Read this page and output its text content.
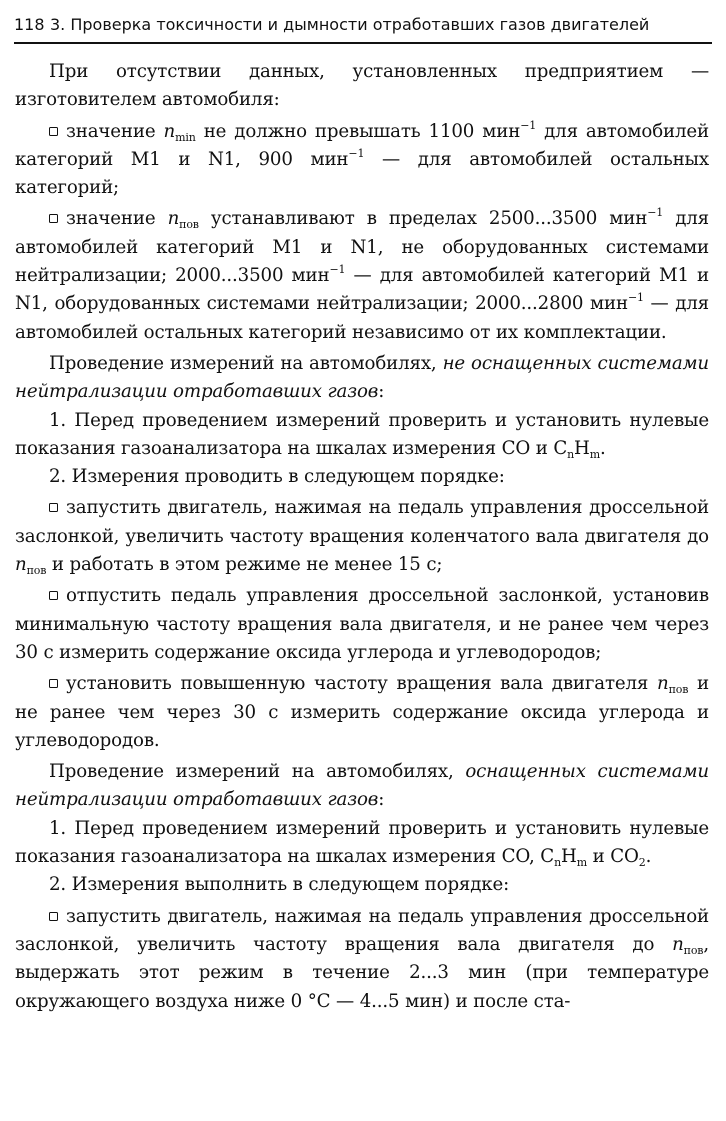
118 3. Проверка токсичности и дымности отработавших газов двигателей

При отсутствии данных, установленных предприятием — изготовителем автомобиля:

значение $n_{min}$ не должно превышать 1100 мин$^{-1}$ для автомобилей категорий M1 и N1, 900 мин$^{-1}$ — для автомобилей остальных категорий;

значение $n_{пов}$ устанавливают в пределах 2500...3500 мин$^{-1}$ для автомобилей категорий M1 и N1, не оборудованных системами нейтрализации; 2000...3500 мин$^{-1}$ — для автомобилей категорий M1 и N1, оборудованных системами нейтрализации; 2000...2800 мин$^{-1}$ — для автомобилей остальных категорий независимо от их комплектации.

Проведение измерений на автомобилях, не оснащенных системами нейтрализации отработавших газов:

1. Перед проведением измерений проверить и установить нулевые показания газоанализатора на шкалах измерения CO и $C_nH_m$.

2. Измерения проводить в следующем порядке:

запустить двигатель, нажимая на педаль управления дроссельной заслонкой, увеличить частоту вращения коленчатого вала двигателя до $n_{пов}$ и работать в этом режиме не менее 15 с;

отпустить педаль управления дроссельной заслонкой, установив минимальную частоту вращения вала двигателя, и не ранее чем через 30 с измерить содержание оксида углерода и углеводородов;

установить повышенную частоту вращения вала двигателя $n_{пов}$ и не ранее чем через 30 с измерить содержание оксида углерода и углеводородов.

Проведение измерений на автомобилях, оснащенных системами нейтрализации отработавших газов:

1. Перед проведением измерений проверить и установить нулевые показания газоанализатора на шкалах измерения CO, $C_nH_m$ и $CO_2$.

2. Измерения выполнить в следующем порядке:

запустить двигатель, нажимая на педаль управления дроссельной заслонкой, увеличить частоту вращения вала двигателя до $n_{пов}$, выдержать этот режим в течение 2...3 мин (при температуре окружающего воздуха ниже 0 °C — 4...5 мин) и после ста-
